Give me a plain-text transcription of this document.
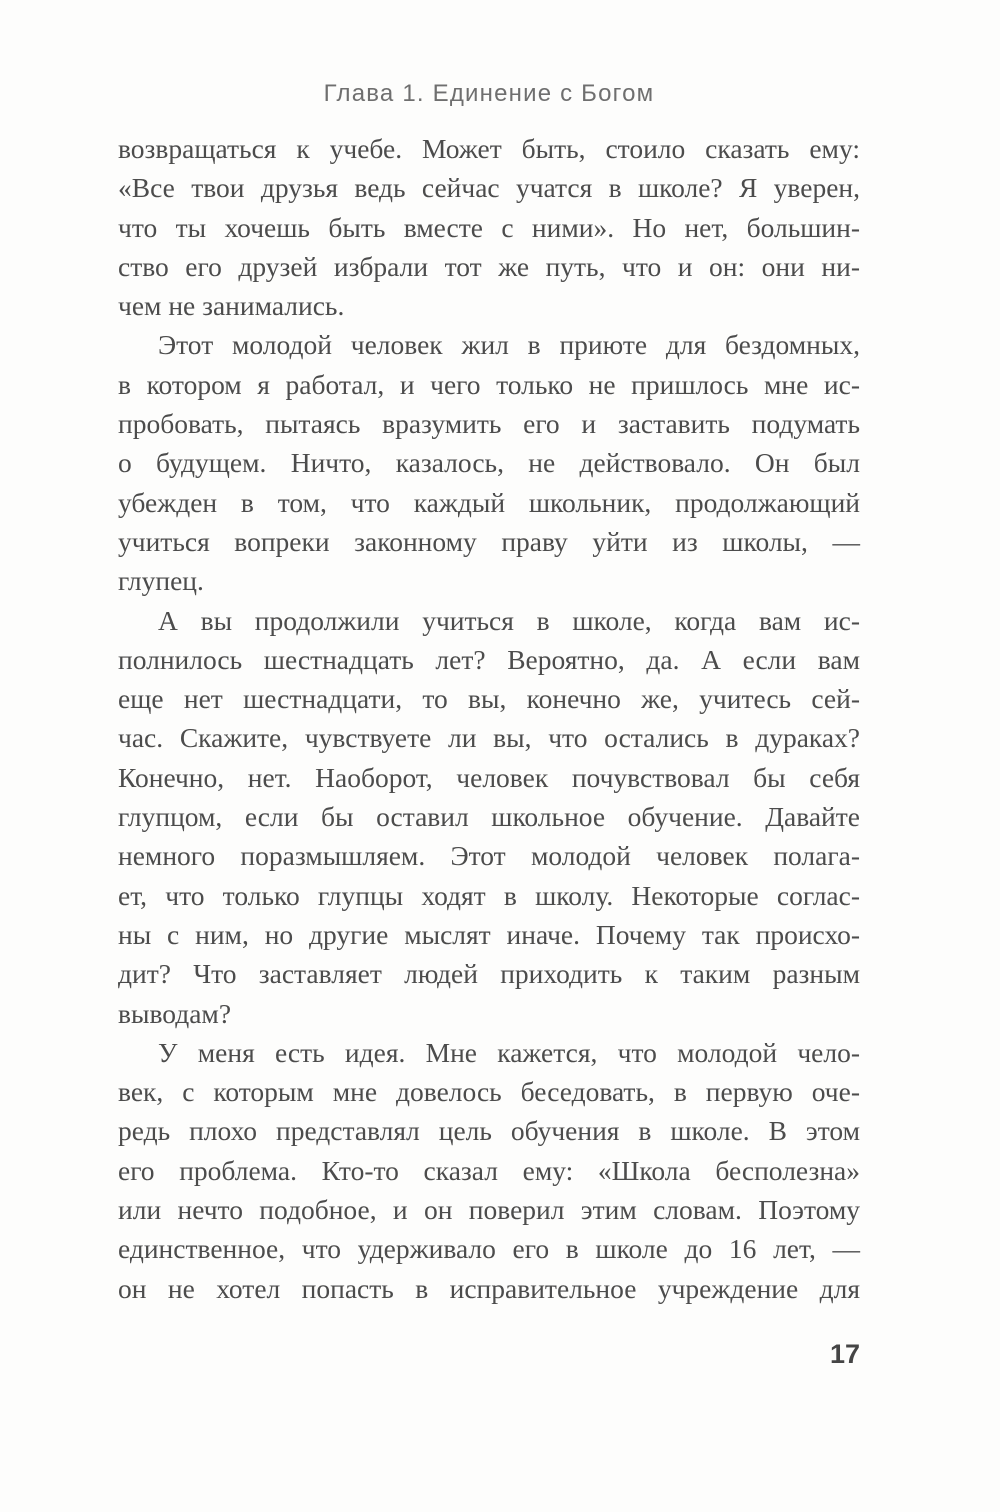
Глава 1. Единение с Богом
возвращаться к учебе. Может быть, стоило сказать ему:
«Все твои друзья ведь сейчас учатся в школе? Я уверен,
что ты хочешь быть вместе с ними». Но нет, большин-
ство его друзей избрали тот же путь, что и он: они ни-
чем не занимались.
Этот молодой человек жил в приюте для бездомных,
в котором я работал, и чего только не пришлось мне ис-
пробовать, пытаясь вразумить его и заставить подумать
о будущем. Ничто, казалось, не действовало. Он был
убежден в том, что каждый школьник, продолжающий
учиться вопреки законному праву уйти из школы, —
глупец.
А вы продолжили учиться в школе, когда вам ис-
полнилось шестнадцать лет? Вероятно, да. А если вам
еще нет шестнадцати, то вы, конечно же, учитесь сей-
час. Скажите, чувствуете ли вы, что остались в дураках?
Конечно, нет. Наоборот, человек почувствовал бы себя
глупцом, если бы оставил школьное обучение. Давайте
немного поразмышляем. Этот молодой человек полага-
ет, что только глупцы ходят в школу. Некоторые соглас-
ны с ним, но другие мыслят иначе. Почему так происхо-
дит? Что заставляет людей приходить к таким разным
выводам?
У меня есть идея. Мне кажется, что молодой чело-
век, с которым мне довелось беседовать, в первую оче-
редь плохо представлял цель обучения в школе. В этом
его проблема. Кто-то сказал ему: «Школа бесполезна»
или нечто подобное, и он поверил этим словам. Поэтому
единственное, что удерживало его в школе до 16 лет, —
он не хотел попасть в исправительное учреждение для
17
